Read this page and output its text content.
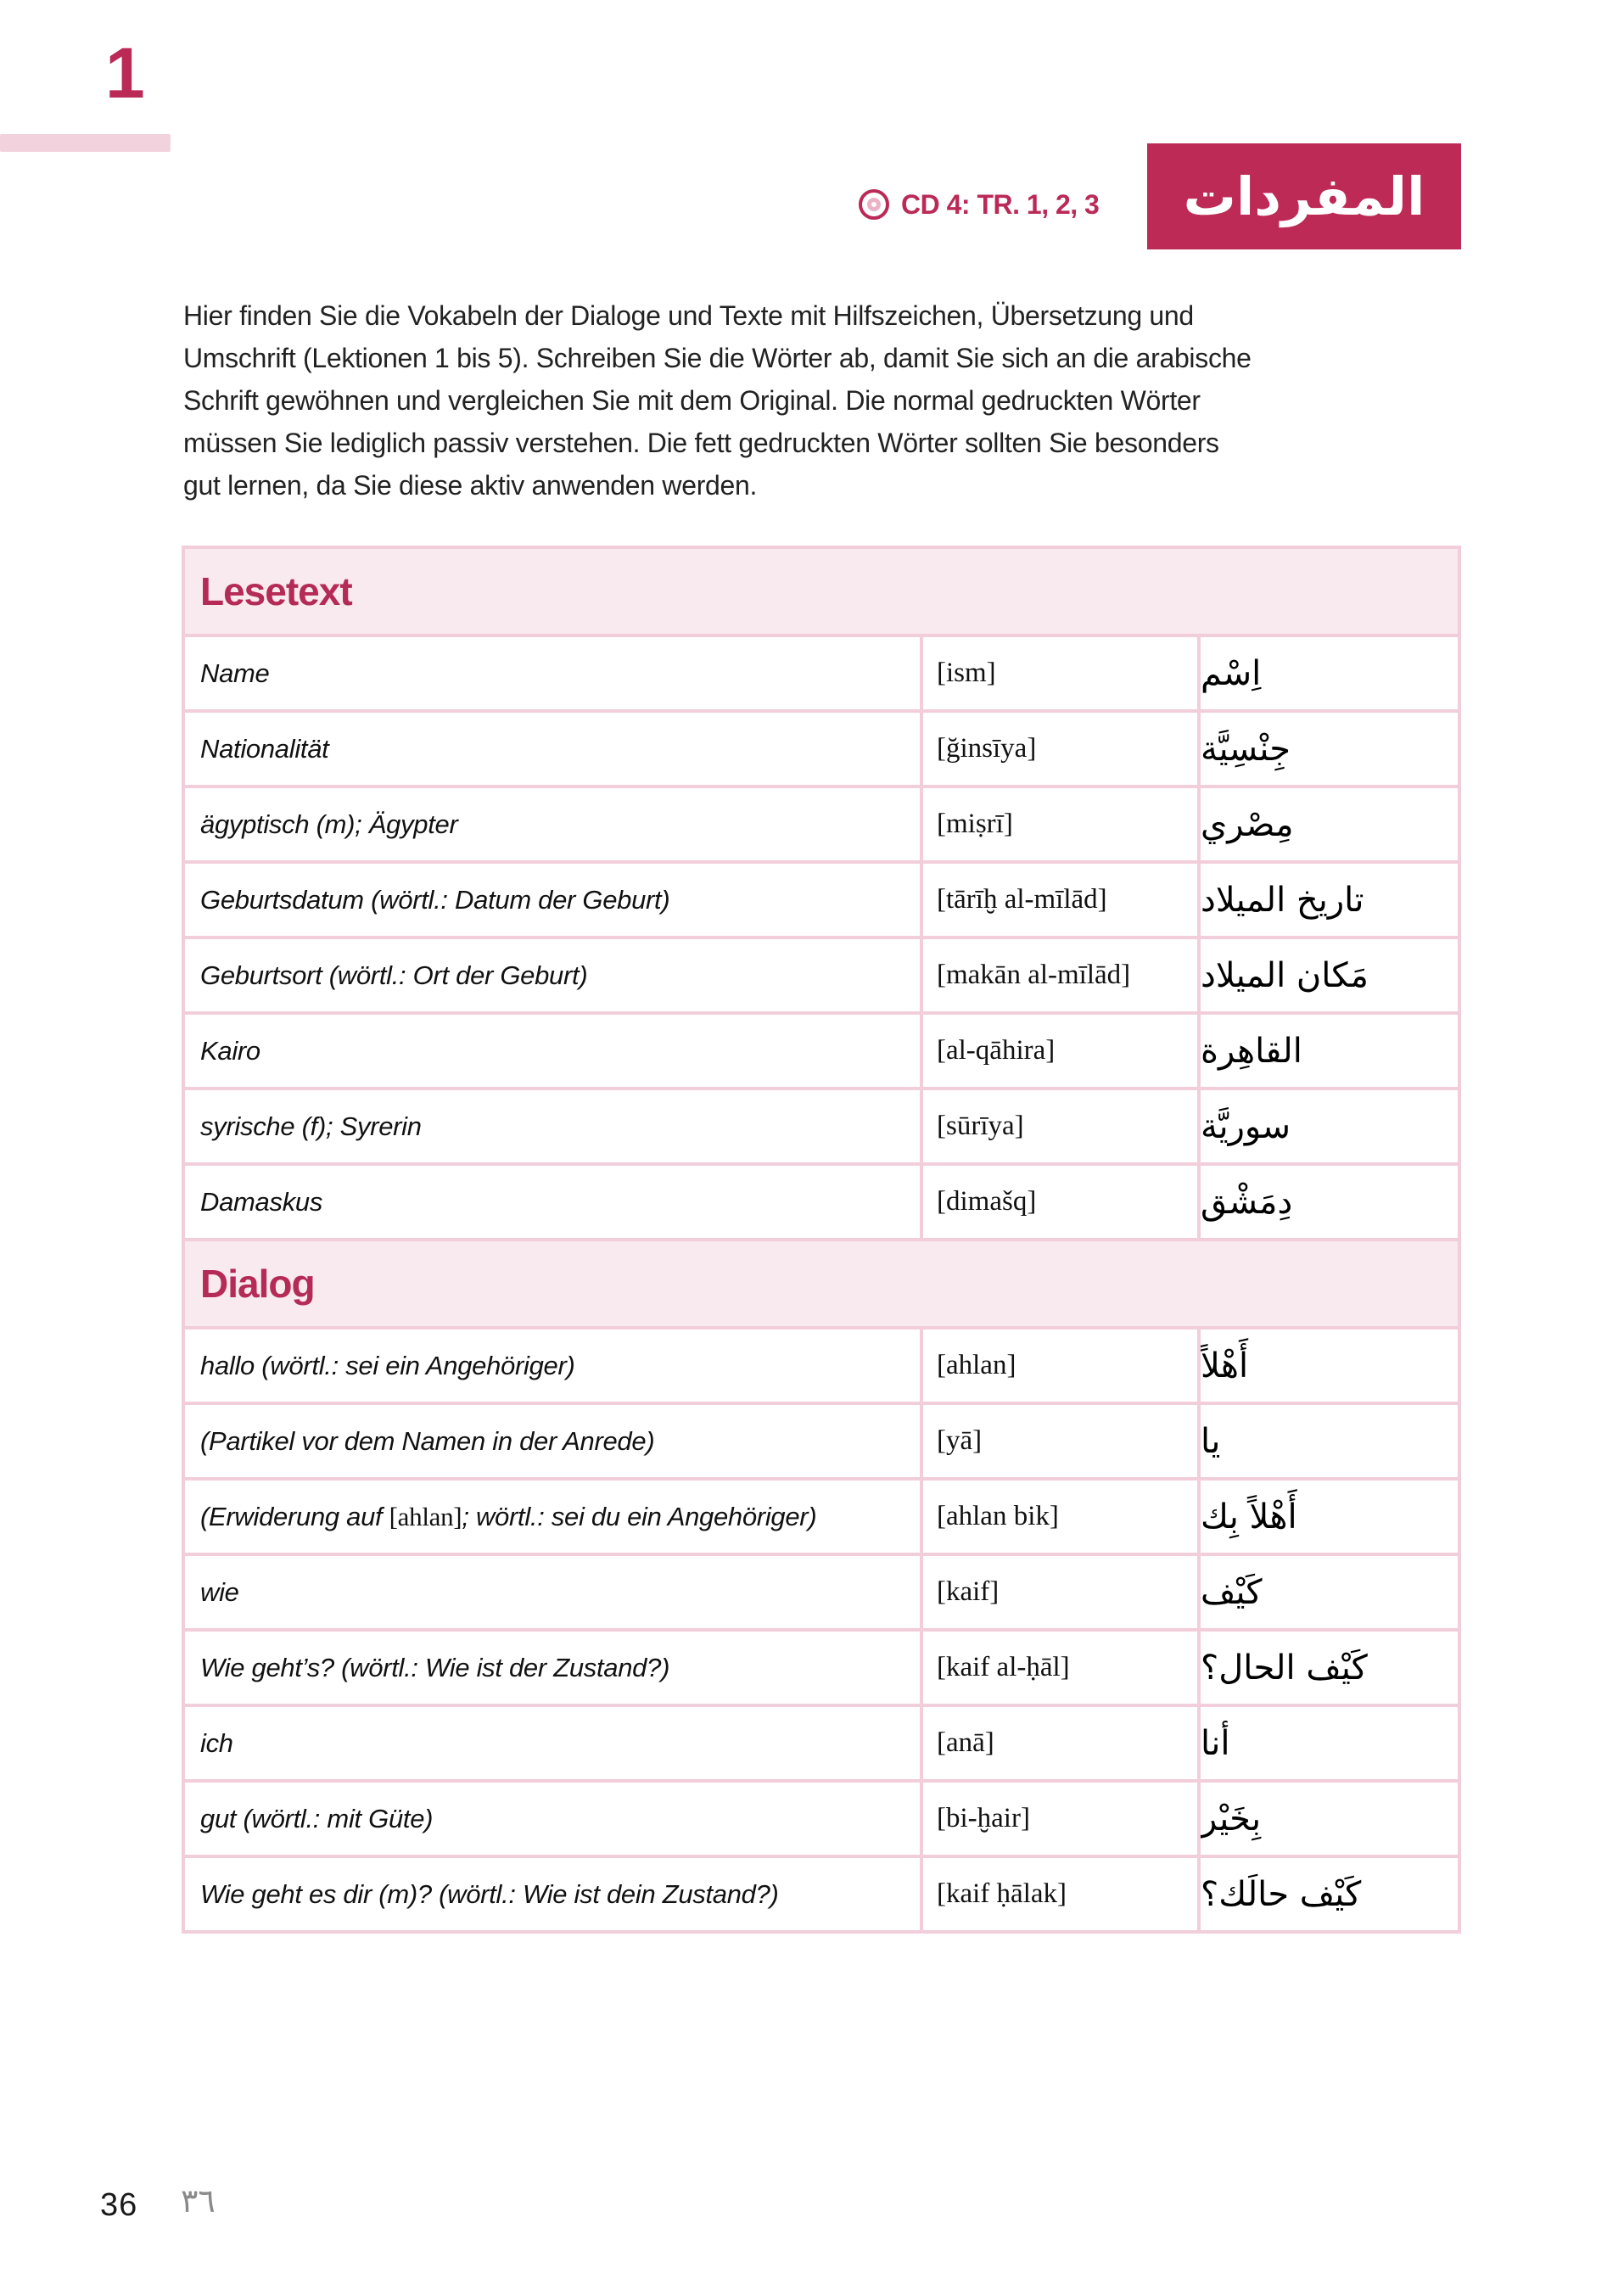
1
CD 4: TR. 1, 2, 3 المفردات
Hier finden Sie die Vokabeln der Dialoge und Texte mit Hilfszeichen, Übersetzung und
Umschrift (Lektionen 1 bis 5). Schreiben Sie die Wörter ab, damit Sie sich an die arabische
Schrift gewöhnen und vergleichen Sie mit dem Original. Die normal gedruckten Wörter
müssen Sie lediglich passiv verstehen. Die fett gedruckten Wörter sollten Sie besonders
gut lernen, da Sie diese aktiv anwenden werden.
Lesetext
Name	[ism]	اِسْم
Nationalität	[ğinsīya]	جِنْسِيَّة
ägyptisch (m); Ägypter	[miṣrī]	مِصْري
Geburtsdatum (wörtl.: Datum der Geburt)	[tārīḫ al-mīlād]	تاريخ الميلاد
Geburtsort (wörtl.: Ort der Geburt)	[makān al-mīlād]	مَكان الميلاد
Kairo	[al-qāhira]	القاهِرة
syrische (f); Syrerin	[sūrīya]	سوريَّة
Damaskus	[dimašq]	دِمَشْق
Dialog
hallo (wörtl.: sei ein Angehöriger)	[ahlan]	أَهْلاً
(Partikel vor dem Namen in der Anrede)	[yā]	يا
(Erwiderung auf [ahlan]; wörtl.: sei du ein Angehöriger)	[ahlan bik]	أَهْلاً بِك
wie	[kaif]	كَيْف
Wie geht’s? (wörtl.: Wie ist der Zustand?)	[kaif al-ḥāl]	كَيْف الحال؟
ich	[anā]	أنا
gut (wörtl.: mit Güte)	[bi-ḫair]	بِخَيْر
Wie geht es dir (m)? (wörtl.: Wie ist dein Zustand?)	[kaif ḥālak]	كَيْف حالَك؟
36 ٣٦
